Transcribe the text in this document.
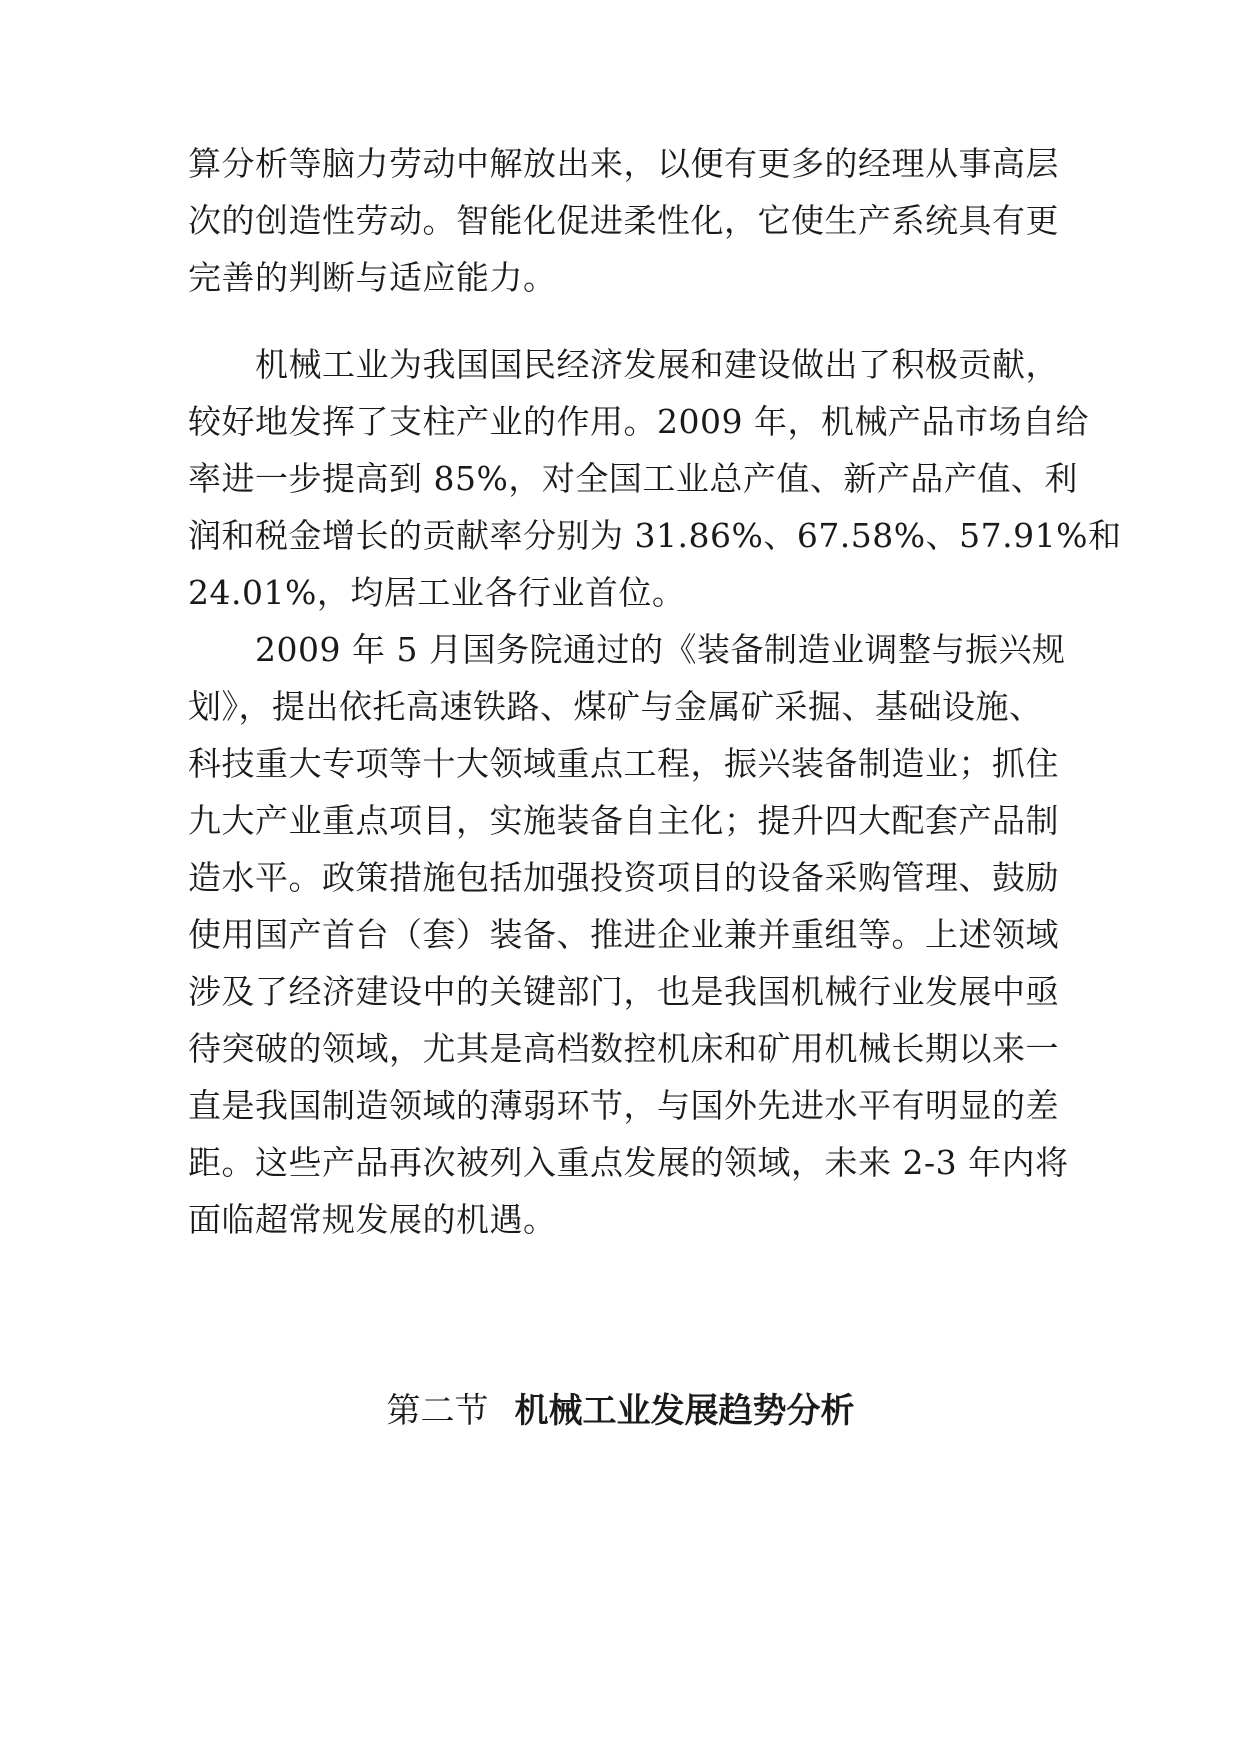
算分析等脑力劳动中解放出来，以便有更多的经理从事高层
次的创造性劳动。智能化促进柔性化，它使生产系统具有更
完善的判断与适应能力。
　　机械工业为我国国民经济发展和建设做出了积极贡献，
较好地发挥了支柱产业的作用。2009 年，机械产品市场自给
率进一步提高到 85%，对全国工业总产值、新产品产值、利
润和税金增长的贡献率分别为 31.86%、67.58%、57.91%和
24.01%，均居工业各行业首位。
　　2009 年 5 月国务院通过的《装备制造业调整与振兴规
划》，提出依托高速铁路、煤矿与金属矿采掘、基础设施、
科技重大专项等十大领域重点工程，振兴装备制造业；抓住
九大产业重点项目，实施装备自主化；提升四大配套产品制
造水平。政策措施包括加强投资项目的设备采购管理、鼓励
使用国产首台（套）装备、推进企业兼并重组等。上述领域
涉及了经济建设中的关键部门，也是我国机械行业发展中亟
待突破的领域，尤其是高档数控机床和矿用机械长期以来一
直是我国制造领域的薄弱环节，与国外先进水平有明显的差
距。这些产品再次被列入重点发展的领域，未来 2-3 年内将
面临超常规发展的机遇。
第二节 机械工业发展趋势分析
